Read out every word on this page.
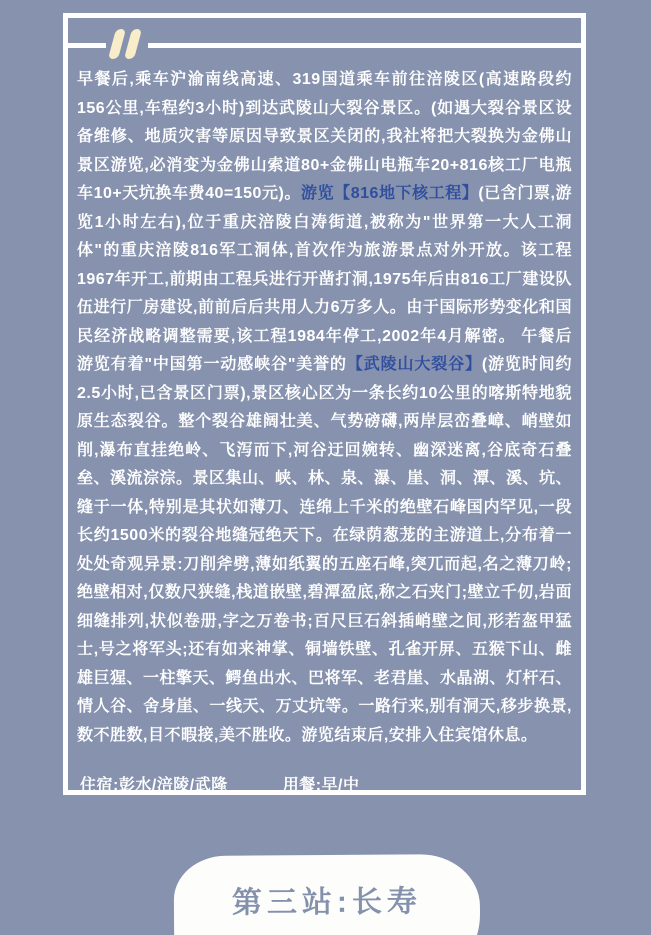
早餐后,乘车沪渝南线高速、319国道乘车前往涪陵区(高速路段约156公里,车程约3小时)到达武陵山大裂谷景区。(如遇大裂谷景区设备维修、地质灾害等原因导致景区关闭的,我社将把大裂换为金佛山景区游览,必消变为金佛山索道80+金佛山电瓶车20+816核工厂电瓶车10+天坑换车费40=150元)。游览【816地下核工程】(已含门票,游览1小时左右),位于重庆涪陵白涛街道,被称为"世界第一大人工洞体"的重庆涪陵816军工洞体,首次作为旅游景点对外开放。该工程1967年开工,前期由工程兵进行开凿打洞,1975年后由816工厂建设队伍进行厂房建设,前前后后共用人力6万多人。由于国际形势变化和国民经济战略调整需要,该工程1984年停工,2002年4月解密。 午餐后游览有着"中国第一动感峡谷"美誉的【武陵山大裂谷】(游览时间约2.5小时,已含景区门票),景区核心区为一条长约10公里的喀斯特地貌原生态裂谷。整个裂谷雄阔壮美、气势磅礴,两岸层峦叠嶂、峭壁如削,瀑布直挂绝岭、飞泻而下,河谷迂回婉转、幽深迷离,谷底奇石叠垒、溪流淙淙。景区集山、峡、林、泉、瀑、崖、洞、潭、溪、坑、缝于一体,特别是其状如薄刀、连绵上千米的绝壁石峰国内罕见,一段长约1500米的裂谷地缝冠绝天下。在绿荫葱茏的主游道上,分布着一处处奇观异景:刀削斧劈,薄如纸翼的五座石峰,突兀而起,名之薄刀岭;绝壁相对,仅数尺狭缝,栈道嵌壁,碧潭盈底,称之石夹门;壁立千仞,岩面细缝排列,状似卷册,字之万卷书;百尺巨石斜插峭壁之间,形若盔甲猛士,号之将军头;还有如来神掌、铜墙铁壁、孔雀开屏、五猴下山、雌雄巨猩、一柱擎天、鳄鱼出水、巴将军、老君崖、水晶湖、灯杆石、情人谷、舍身崖、一线天、万丈坑等。一路行来,别有洞天,移步换景,数不胜数,目不暇接,美不胜收。游览结束后,安排入住宾馆休息。

住宿:彭水/涪陵/武隆	用餐:早/中
第三站:长寿
